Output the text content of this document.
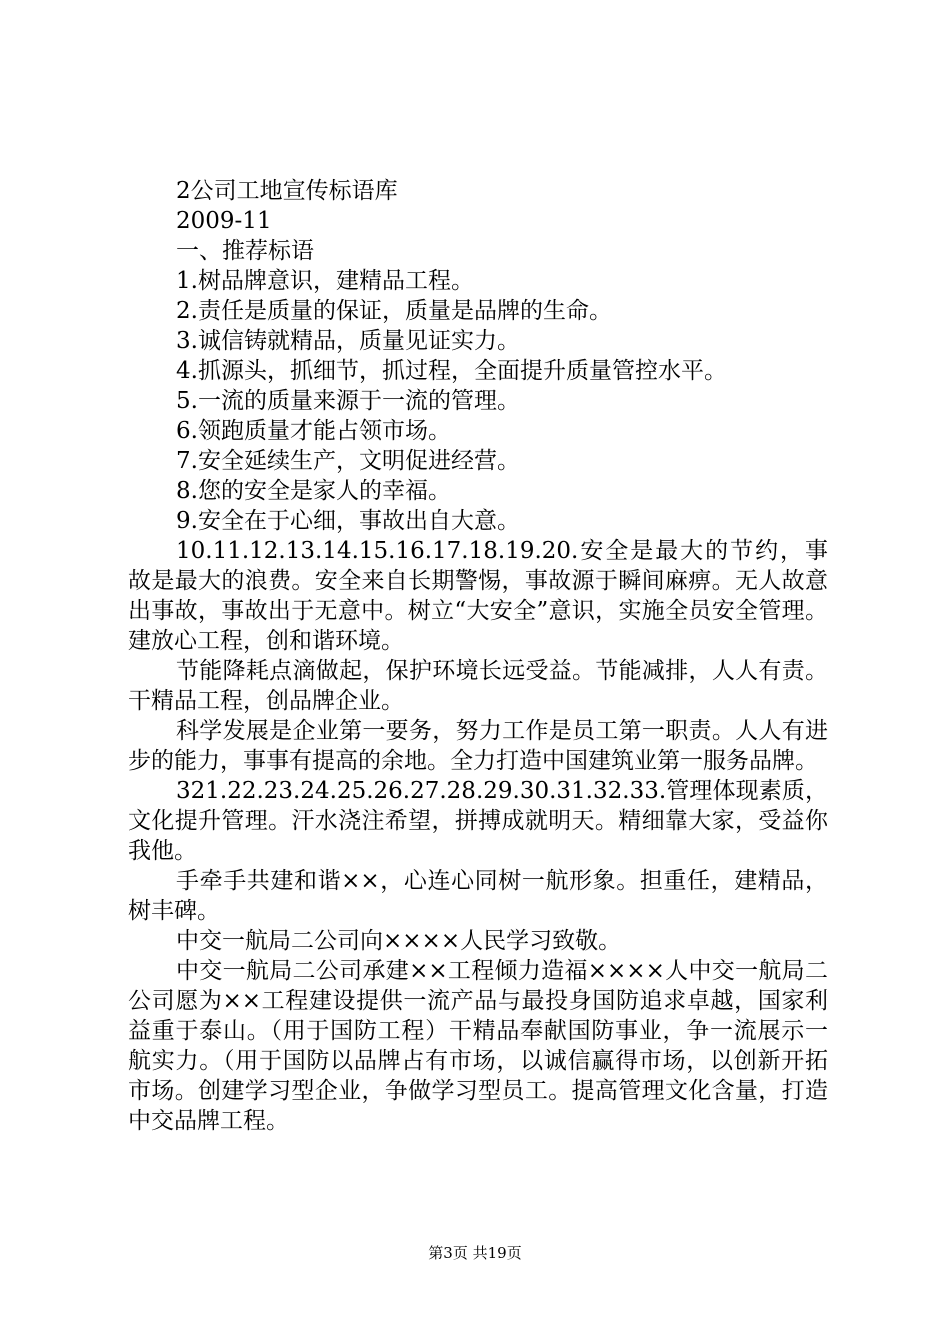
2公司工地宣传标语库
2009-11
一、推荐标语
1.树品牌意识，建精品工程。
2.责任是质量的保证，质量是品牌的生命。
3.诚信铸就精品，质量见证实力。
4.抓源头，抓细节，抓过程，全面提升质量管控水平。
5.一流的质量来源于一流的管理。
6.领跑质量才能占领市场。
7.安全延续生产，文明促进经营。
8.您的安全是家人的幸福。
9.安全在于心细，事故出自大意。

10.11.12.13.14.15.16.17.18.19.20.安全是最大的节约，事故是最大的浪费。安全来自长期警惕，事故源于瞬间麻痹。无人故意出事故，事故出于无意中。树立“大安全”意识，实施全员安全管理。建放心工程，创和谐环境。

节能降耗点滴做起，保护环境长远受益。节能减排，人人有责。干精品工程，创品牌企业。

科学发展是企业第一要务，努力工作是员工第一职责。人人有进步的能力，事事有提高的余地。全力打造中国建筑业第一服务品牌。

321.22.23.24.25.26.27.28.29.30.31.32.33.管理体现素质，文化提升管理。汗水浇注希望，拼搏成就明天。精细靠大家，受益你我他。

手牵手共建和谐××，心连心同树一航形象。担重任，建精品，树丰碑。

中交一航局二公司向××××人民学习致敬。

中交一航局二公司承建××工程倾力造福××××人中交一航局二公司愿为××工程建设提供一流产品与最投身国防追求卓越，国家利益重于泰山。（用于国防工程）干精品奉献国防事业，争一流展示一航实力。（用于国防以品牌占有市场，以诚信赢得市场，以创新开拓市场。创建学习型企业，争做学习型员工。提高管理文化含量，打造中交品牌工程。

第3页 共19页
